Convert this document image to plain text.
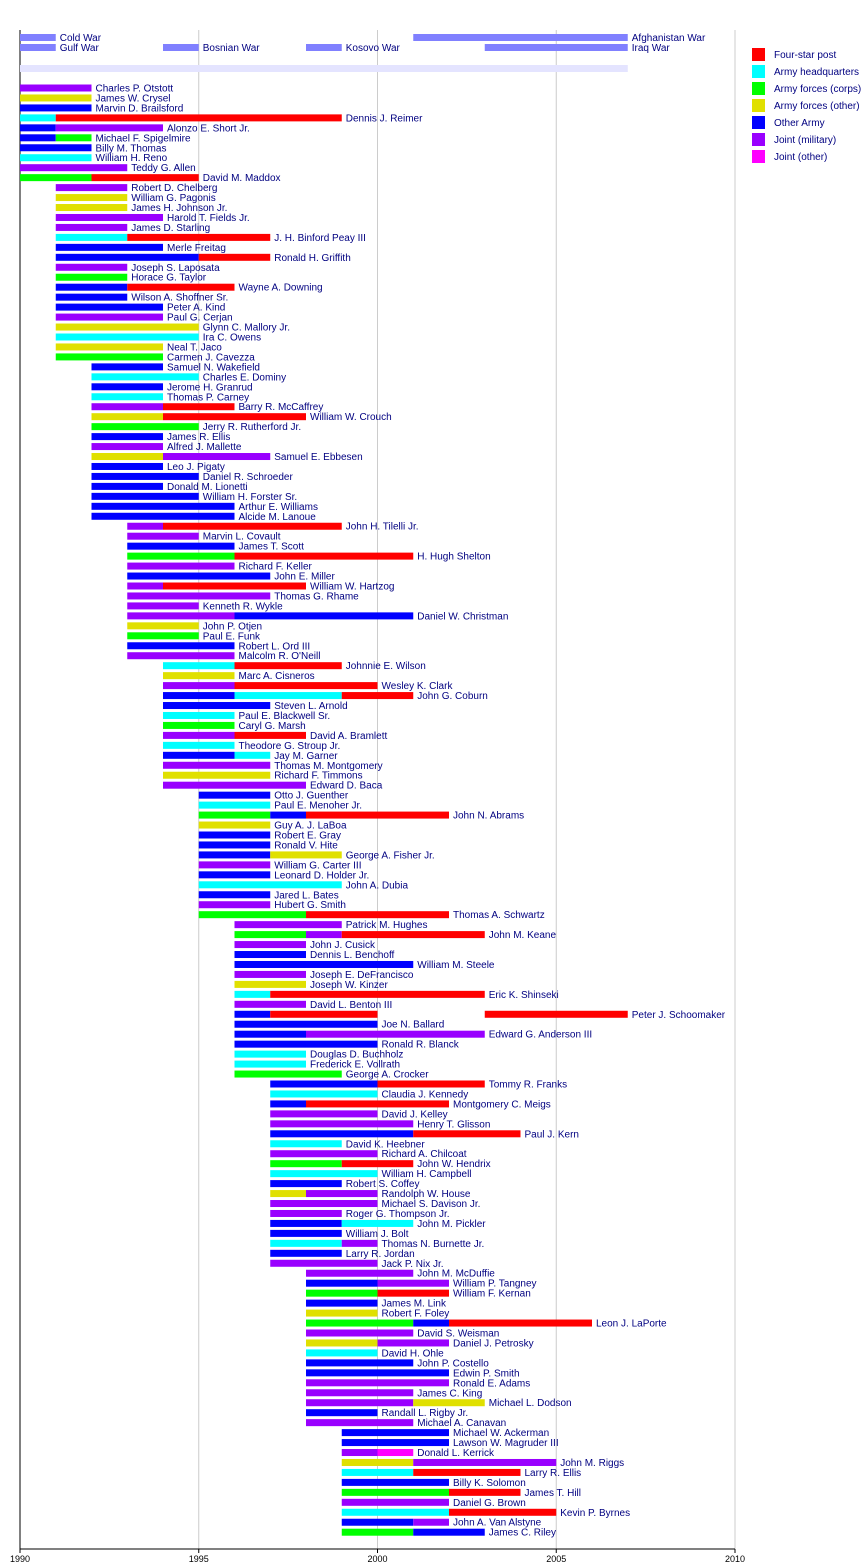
Cold War
Gulf War	Bosnian War	Kosovo War
Afghanistan War
Iraq War
Charles P. Otstott
James W. Crysel
Marvin D. Brailsford
Dennis J. Reimer
Alonzo E. Short Jr.
Michael F. Spigelmire
Billy M. Thomas
William H. Reno
Teddy G. Allen
David M. Maddox
Robert D. Chelberg
William G. Pagonis
James H. Johnson Jr.
Harold T. Fields Jr.
James D. Starling
J. H. Binford Peay III
Merle Freitag
Ronald H. Griffith
Joseph S. Laposata
Horace G. Taylor
Wayne A. Downing
Wilson A. Shoffner Sr.
Peter A. Kind
Paul G. Cerjan
Glynn C. Mallory Jr.
Ira C. Owens
Neal T. Jaco
Carmen J. Cavezza
Samuel N. Wakefield
Charles E. Dominy
Jerome H. Granrud
Thomas P. Carney
Barry R. McCaffrey
William W. Crouch
Jerry R. Rutherford Jr.
James R. Ellis
Alfred J. Mallette
Samuel E. Ebbesen
Leo J. Pigaty
Daniel R. Schroeder
Donald M. Lionetti
William H. Forster Sr.
Arthur E. Williams
Alcide M. Lanoue
John H. Tilelli Jr.
Marvin L. Covault
James T. Scott
H. Hugh Shelton
Richard F. Keller
John E. Miller
William W. Hartzog
Thomas G. Rhame
Kenneth R. Wykle
Daniel W. Christman
John P. Otjen
Paul E. Funk
Robert L. Ord III
Malcolm R. O'Neill
Johnnie E. Wilson
Marc A. Cisneros
Wesley K. Clark
John G. Coburn
Steven L. Arnold
Paul E. Blackwell Sr.
Caryl G. Marsh
David A. Bramlett
Theodore G. Stroup Jr.
Jay M. Garner
Thomas M. Montgomery
Richard F. Timmons
Edward D. Baca
Otto J. Guenther
Paul E. Menoher Jr.
John N. Abrams
Guy A. J. LaBoa
Robert E. Gray
Ronald V. Hite
George A. Fisher Jr.
William G. Carter III
Leonard D. Holder Jr.
John A. Dubia
Jared L. Bates
Hubert G. Smith
Thomas A. Schwartz
Patrick M. Hughes
John M. Keane
John J. Cusick
Dennis L. Benchoff
William M. Steele
Joseph E. DeFrancisco
Joseph W. Kinzer
Eric K. Shinseki
David L. Benton III
Peter J. Schoomaker
Joe N. Ballard
Edward G. Anderson III
Ronald R. Blanck
Douglas D. Buchholz
Frederick E. Vollrath
George A. Crocker
Tommy R. Franks
Claudia J. Kennedy
Montgomery C. Meigs
David J. Kelley
Henry T. Glisson
Paul J. Kern
David K. Heebner
Richard A. Chilcoat
John W. Hendrix
William H. Campbell
Robert S. Coffey
Randolph W. House
Michael S. Davison Jr.
Roger G. Thompson Jr.
John M. Pickler
William J. Bolt
Thomas N. Burnette Jr.
Larry R. Jordan
Jack P. Nix Jr.
John M. McDuffie
William P. Tangney
William F. Kernan
James M. Link
Robert F. Foley
Leon J. LaPorte
David S. Weisman
Daniel J. Petrosky
David H. Ohle
John P. Costello
Edwin P. Smith
Ronald E. Adams
James C. King
Michael L. Dodson
Randall L. Rigby Jr.
Michael A. Canavan
Michael W. Ackerman
Lawson W. Magruder III
Donald L. Kerrick
John M. Riggs
Larry R. Ellis
Billy K. Solomon
James T. Hill
Daniel G. Brown
Kevin P. Byrnes
John A. Van Alstyne
James C. Riley
1990	1995	2000	2005	2010
Four-star post
Army headquarters
Army forces (corps)
Army forces (other)
Other Army
Joint (military)
Joint (other)
